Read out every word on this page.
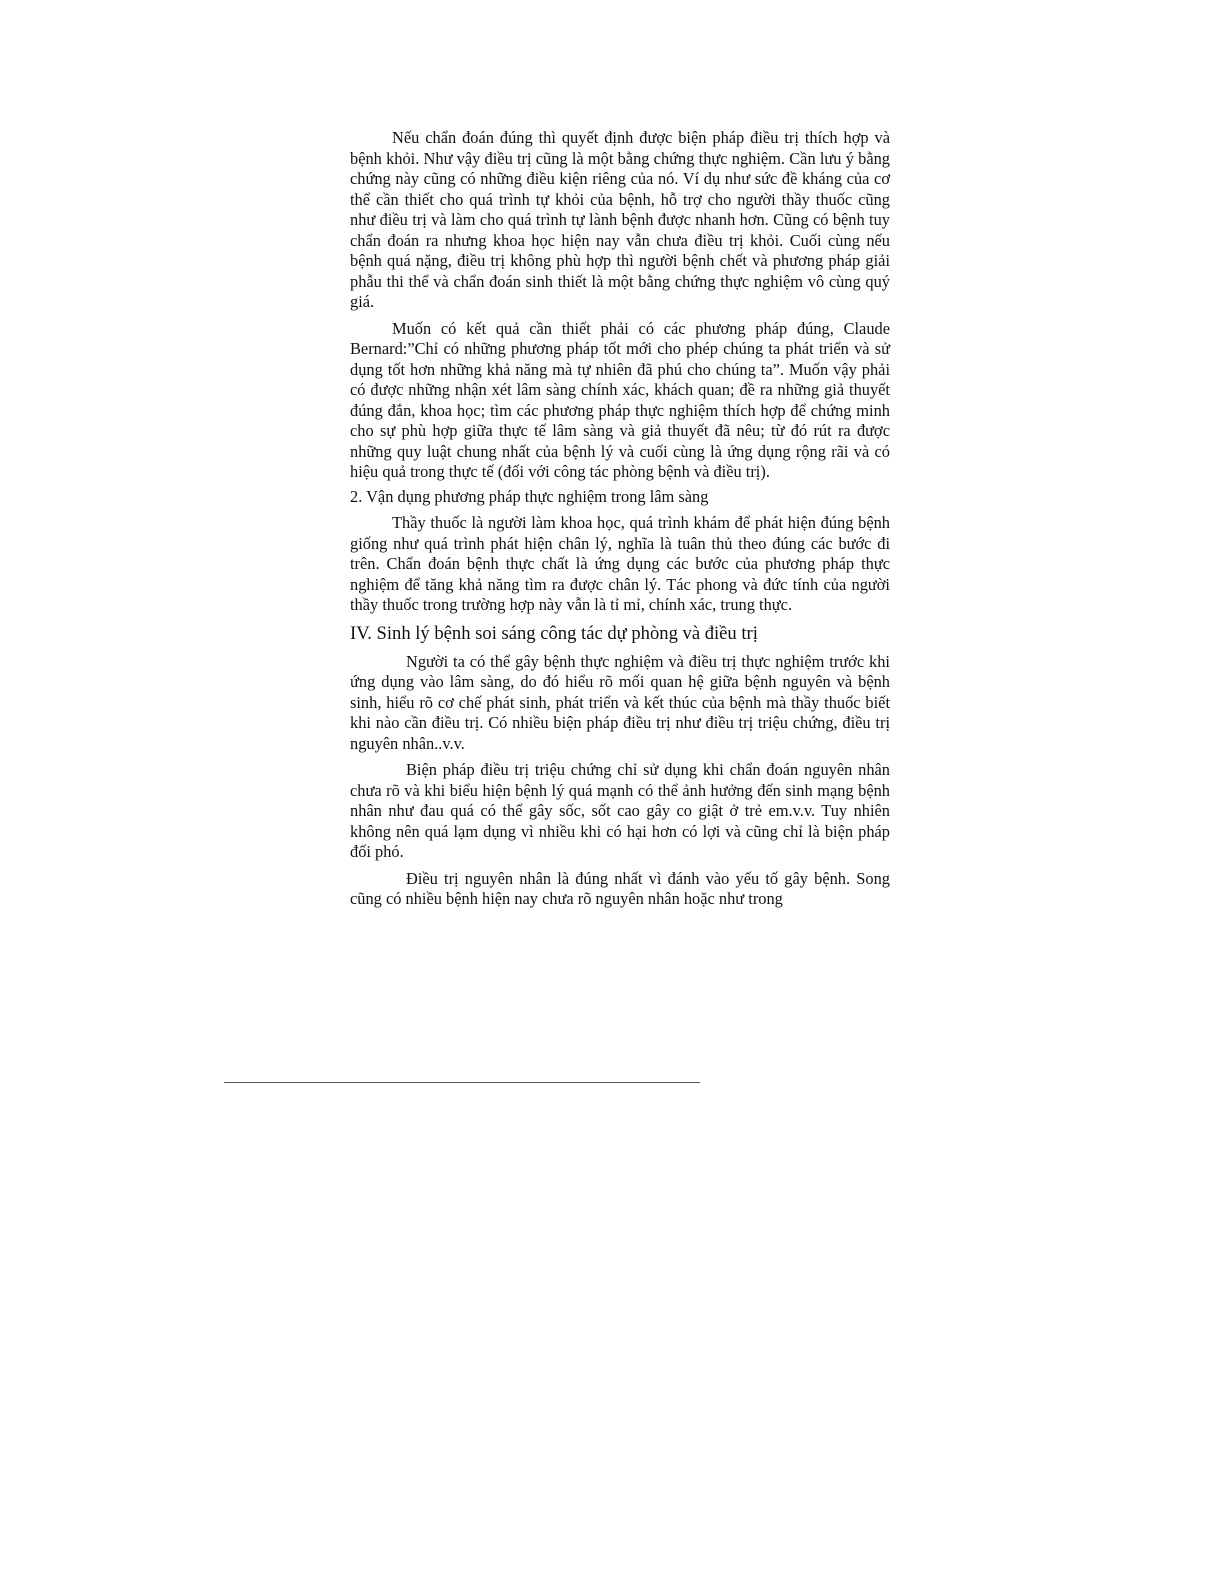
Nếu chẩn đoán đúng thì quyết định được biện pháp điều trị thích hợp và bệnh khỏi. Như vậy điều trị cũng là một bằng chứng thực nghiệm. Cần lưu ý bằng chứng này cũng có những điều kiện riêng của nó. Ví dụ như sức đề kháng của cơ thể cần thiết cho quá trình tự khỏi của bệnh, hỗ trợ cho người thầy thuốc cũng như điều trị và làm cho quá trình tự lành bệnh được nhanh hơn. Cũng có bệnh tuy chẩn đoán ra nhưng khoa học hiện nay vẫn chưa điều trị khỏi. Cuối cùng nếu bệnh quá nặng, điều trị không phù hợp thì người bệnh chết và phương pháp giải phẫu thi thể và chẩn đoán sinh thiết là một bằng chứng thực nghiệm vô cùng quý giá.

Muốn có kết quả cần thiết phải có các phương pháp đúng, Claude Bernard:”Chỉ có những phương pháp tốt mới cho phép chúng ta phát triển và sử dụng tốt hơn những khả năng mà tự nhiên đã phú cho chúng ta”. Muốn vậy phải có được những nhận xét lâm sàng chính xác, khách quan; đề ra những giả thuyết đúng đắn, khoa học; tìm các phương pháp thực nghiệm thích hợp để chứng minh cho sự phù hợp giữa thực tế lâm sàng và giả thuyết đã nêu; từ đó rút ra được những quy luật chung nhất của bệnh lý và cuối cùng là ứng dụng rộng rãi và có hiệu quả trong thực tế (đối với công tác phòng bệnh và điều trị).

2. Vận dụng phương pháp thực nghiệm trong lâm sàng

Thầy thuốc là người làm khoa học, quá trình khám để phát hiện đúng bệnh giống như quá trình phát hiện chân lý, nghĩa là tuân thủ theo đúng các bước đi trên. Chẩn đoán bệnh thực chất là ứng dụng các bước của phương pháp thực nghiệm để tăng khả năng tìm ra được chân lý. Tác phong và đức tính của người thầy thuốc trong trường hợp này vẫn là tỉ mỉ, chính xác, trung thực.

IV. Sinh lý bệnh soi sáng công tác dự phòng và điều trị

Người ta có thể gây bệnh thực nghiệm và điều trị thực nghiệm trước khi ứng dụng vào lâm sàng, do đó hiểu rõ mối quan hệ giữa bệnh nguyên và bệnh sinh, hiểu rõ cơ chế phát sinh, phát triển và kết thúc của bệnh mà thầy thuốc biết khi nào cần điều trị. Có nhiều biện pháp điều trị như điều trị triệu chứng, điều trị nguyên nhân..v.v.

Biện pháp điều trị triệu chứng chỉ sử dụng khi chẩn đoán nguyên nhân chưa rõ và khi biểu hiện bệnh lý quá mạnh có thể ảnh hưởng đến sinh mạng bệnh nhân như đau quá có thể gây sốc, sốt cao gây co giật ở trẻ em.v.v. Tuy nhiên không nên quá lạm dụng vì nhiều khi có hại hơn có lợi và cũng chỉ là biện pháp đối phó.

Điều trị nguyên nhân là đúng nhất vì đánh vào yếu tố gây bệnh. Song cũng có nhiều bệnh hiện nay chưa rõ nguyên nhân hoặc như trong
